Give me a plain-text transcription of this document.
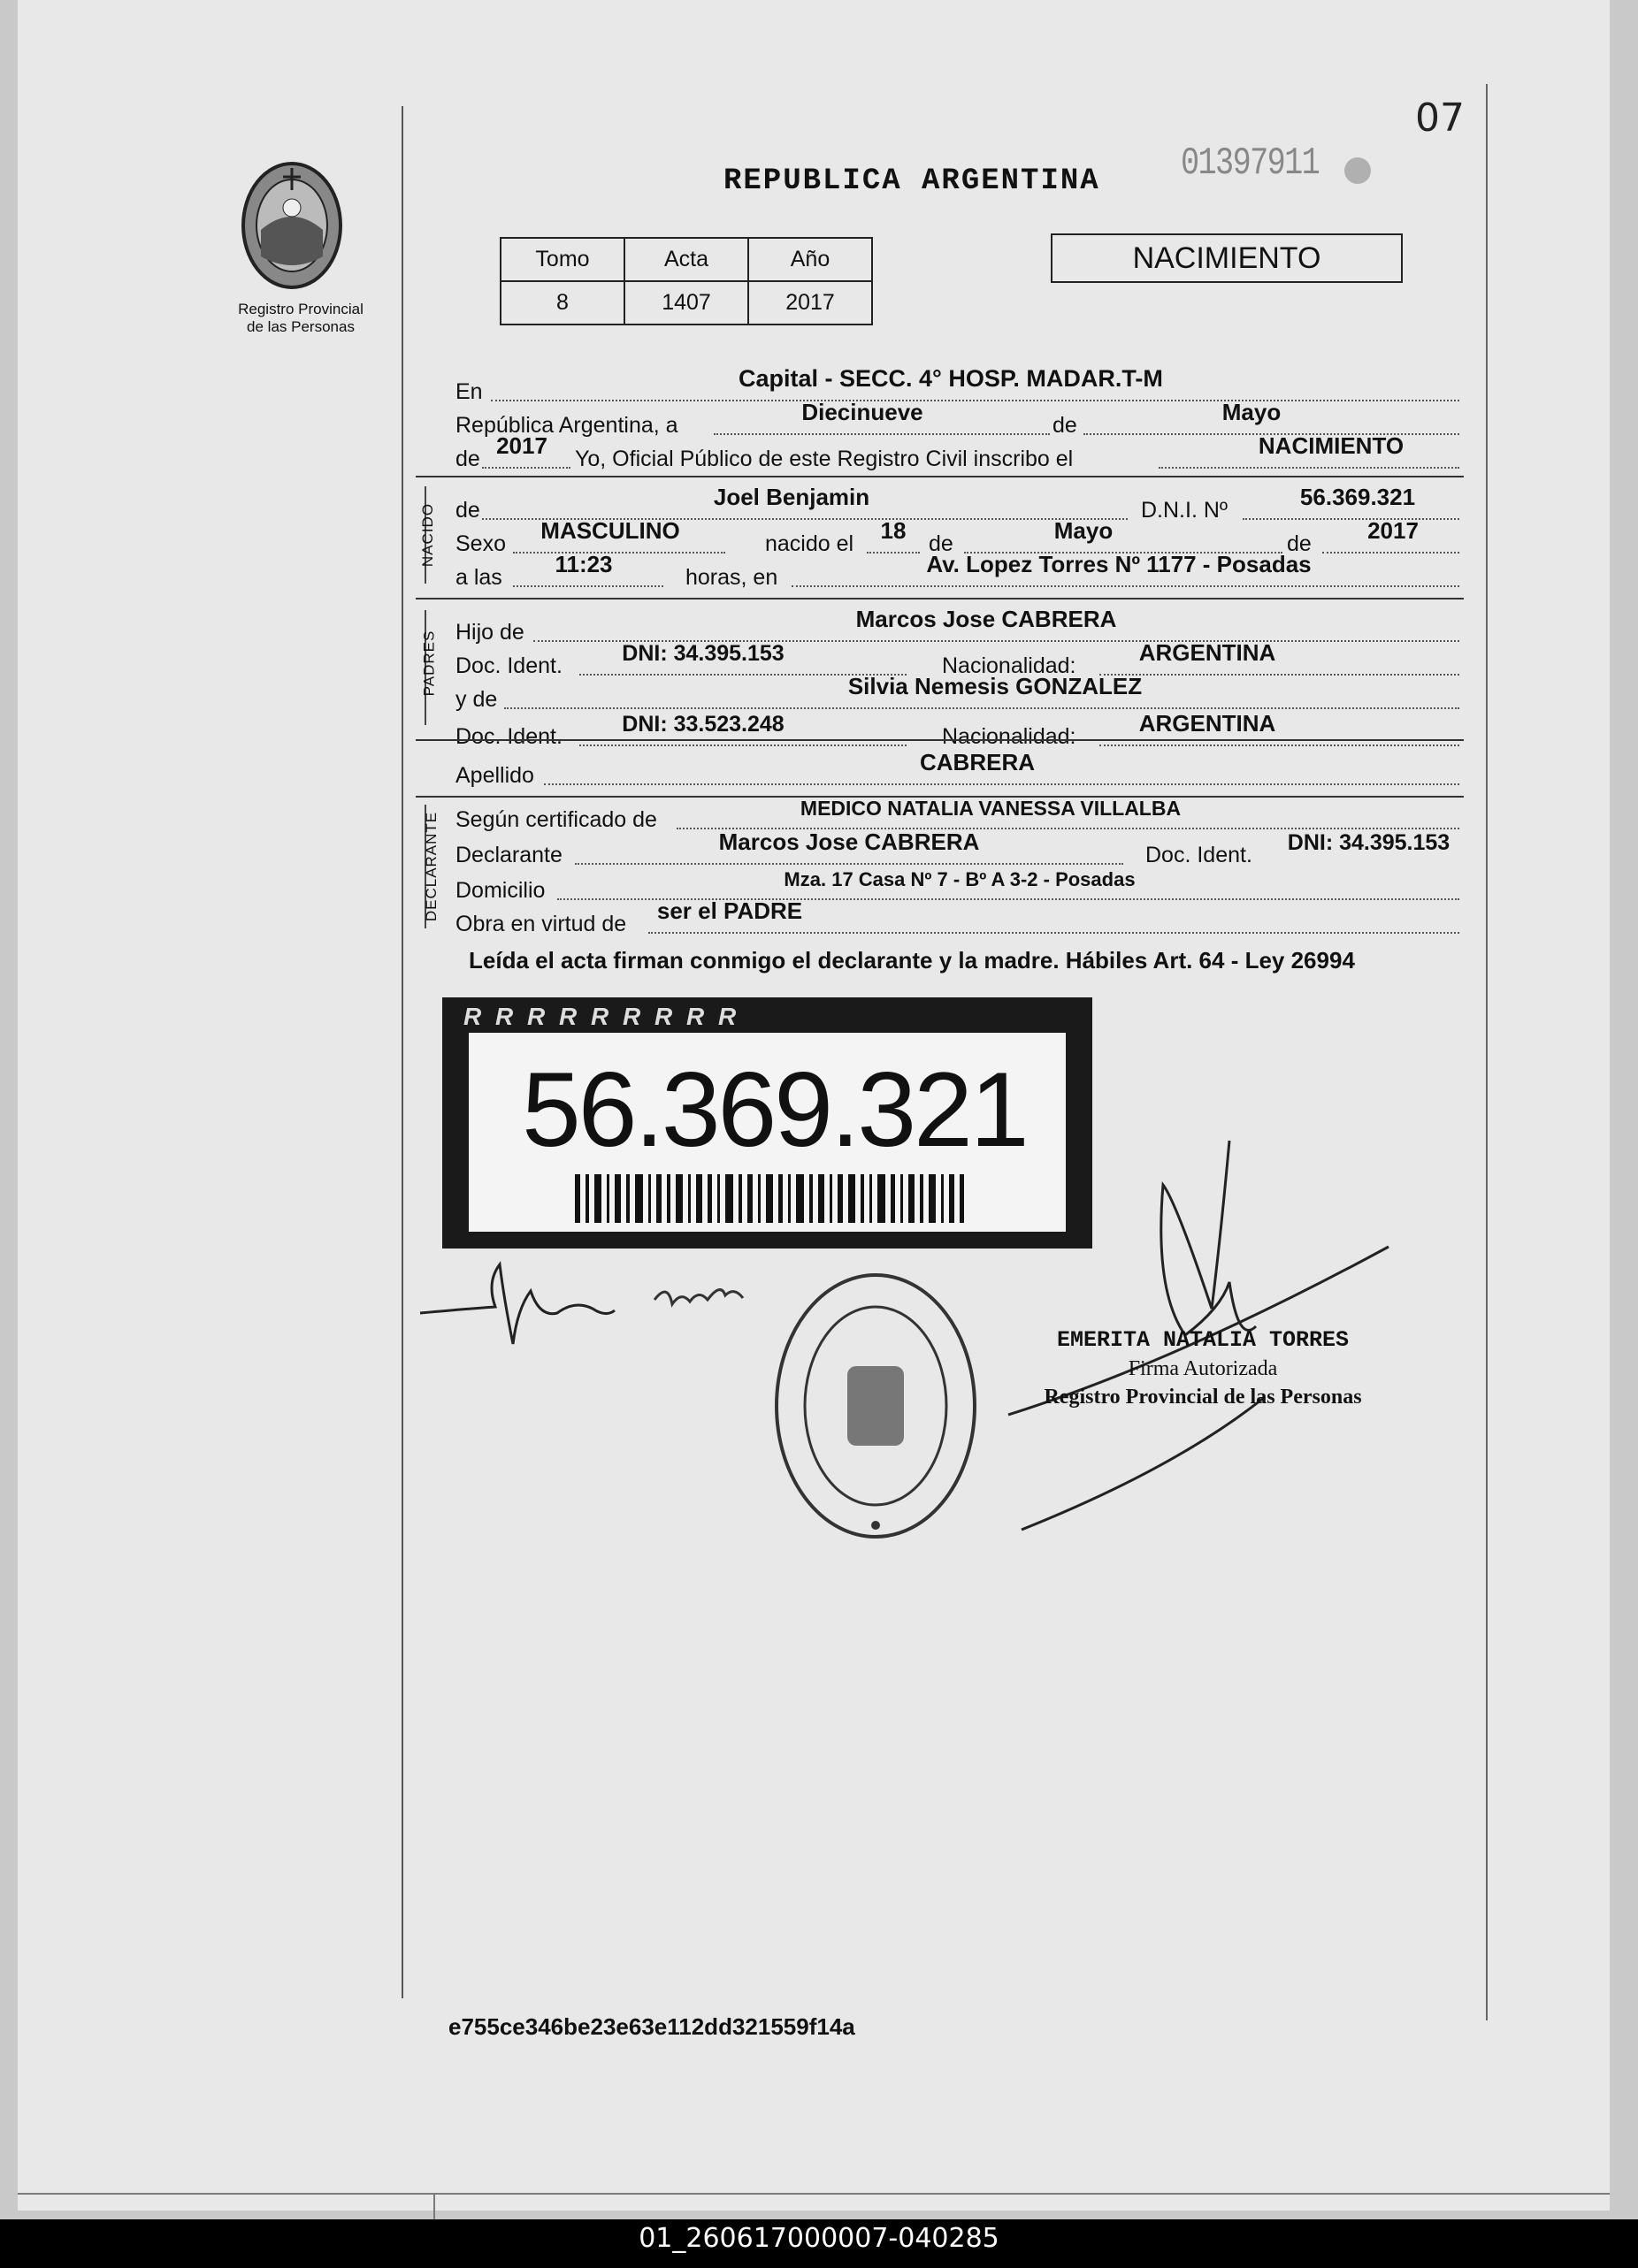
07
Registro Provincial
de las Personas
REPUBLICA ARGENTINA 01397911
Tomo	Acta	Año
8	1407	2017
NACIMIENTO
En	Capital - SECC. 4° HOSP. MADAR.T-M
República Argentina, a	Diecinueve	de	Mayo
de 2017	Yo, Oficial Público de este Registro Civil inscribo el	NACIMIENTO
NACIDO de	Joel Benjamin	D.N.I. Nº	56.369.321
Sexo	MASCULINO	nacido el	18	de	Mayo	de	2017
a las	11:23	horas, en	Av. Lopez Torres Nº 1177 - Posadas
PADRES Hijo de	Marcos Jose CABRERA
Doc. Ident.	DNI: 34.395.153	Nacionalidad:	ARGENTINA
y de	Silvia Nemesis GONZALEZ
Doc. Ident.	DNI: 33.523.248	Nacionalidad:	ARGENTINA
Apellido	CABRERA
DECLARANTE Según certificado de	MEDICO NATALIA VANESSA VILLALBA
Declarante	Marcos Jose CABRERA	Doc. Ident.	DNI: 34.395.153
Domicilio	Mza. 17 Casa Nº 7 - Bº A 3-2 - Posadas
Obra en virtud de ser el PADRE
Leída el acta firman conmigo el declarante y la madre. Hábiles Art. 64 - Ley 26994
R R R R R R R R R
56.369.321
EMERITA NATALIA TORRES
Firma Autorizada
Registro Provincial de las Personas
e755ce346be23e63e112dd321559f14a
01_260617000007-040285
